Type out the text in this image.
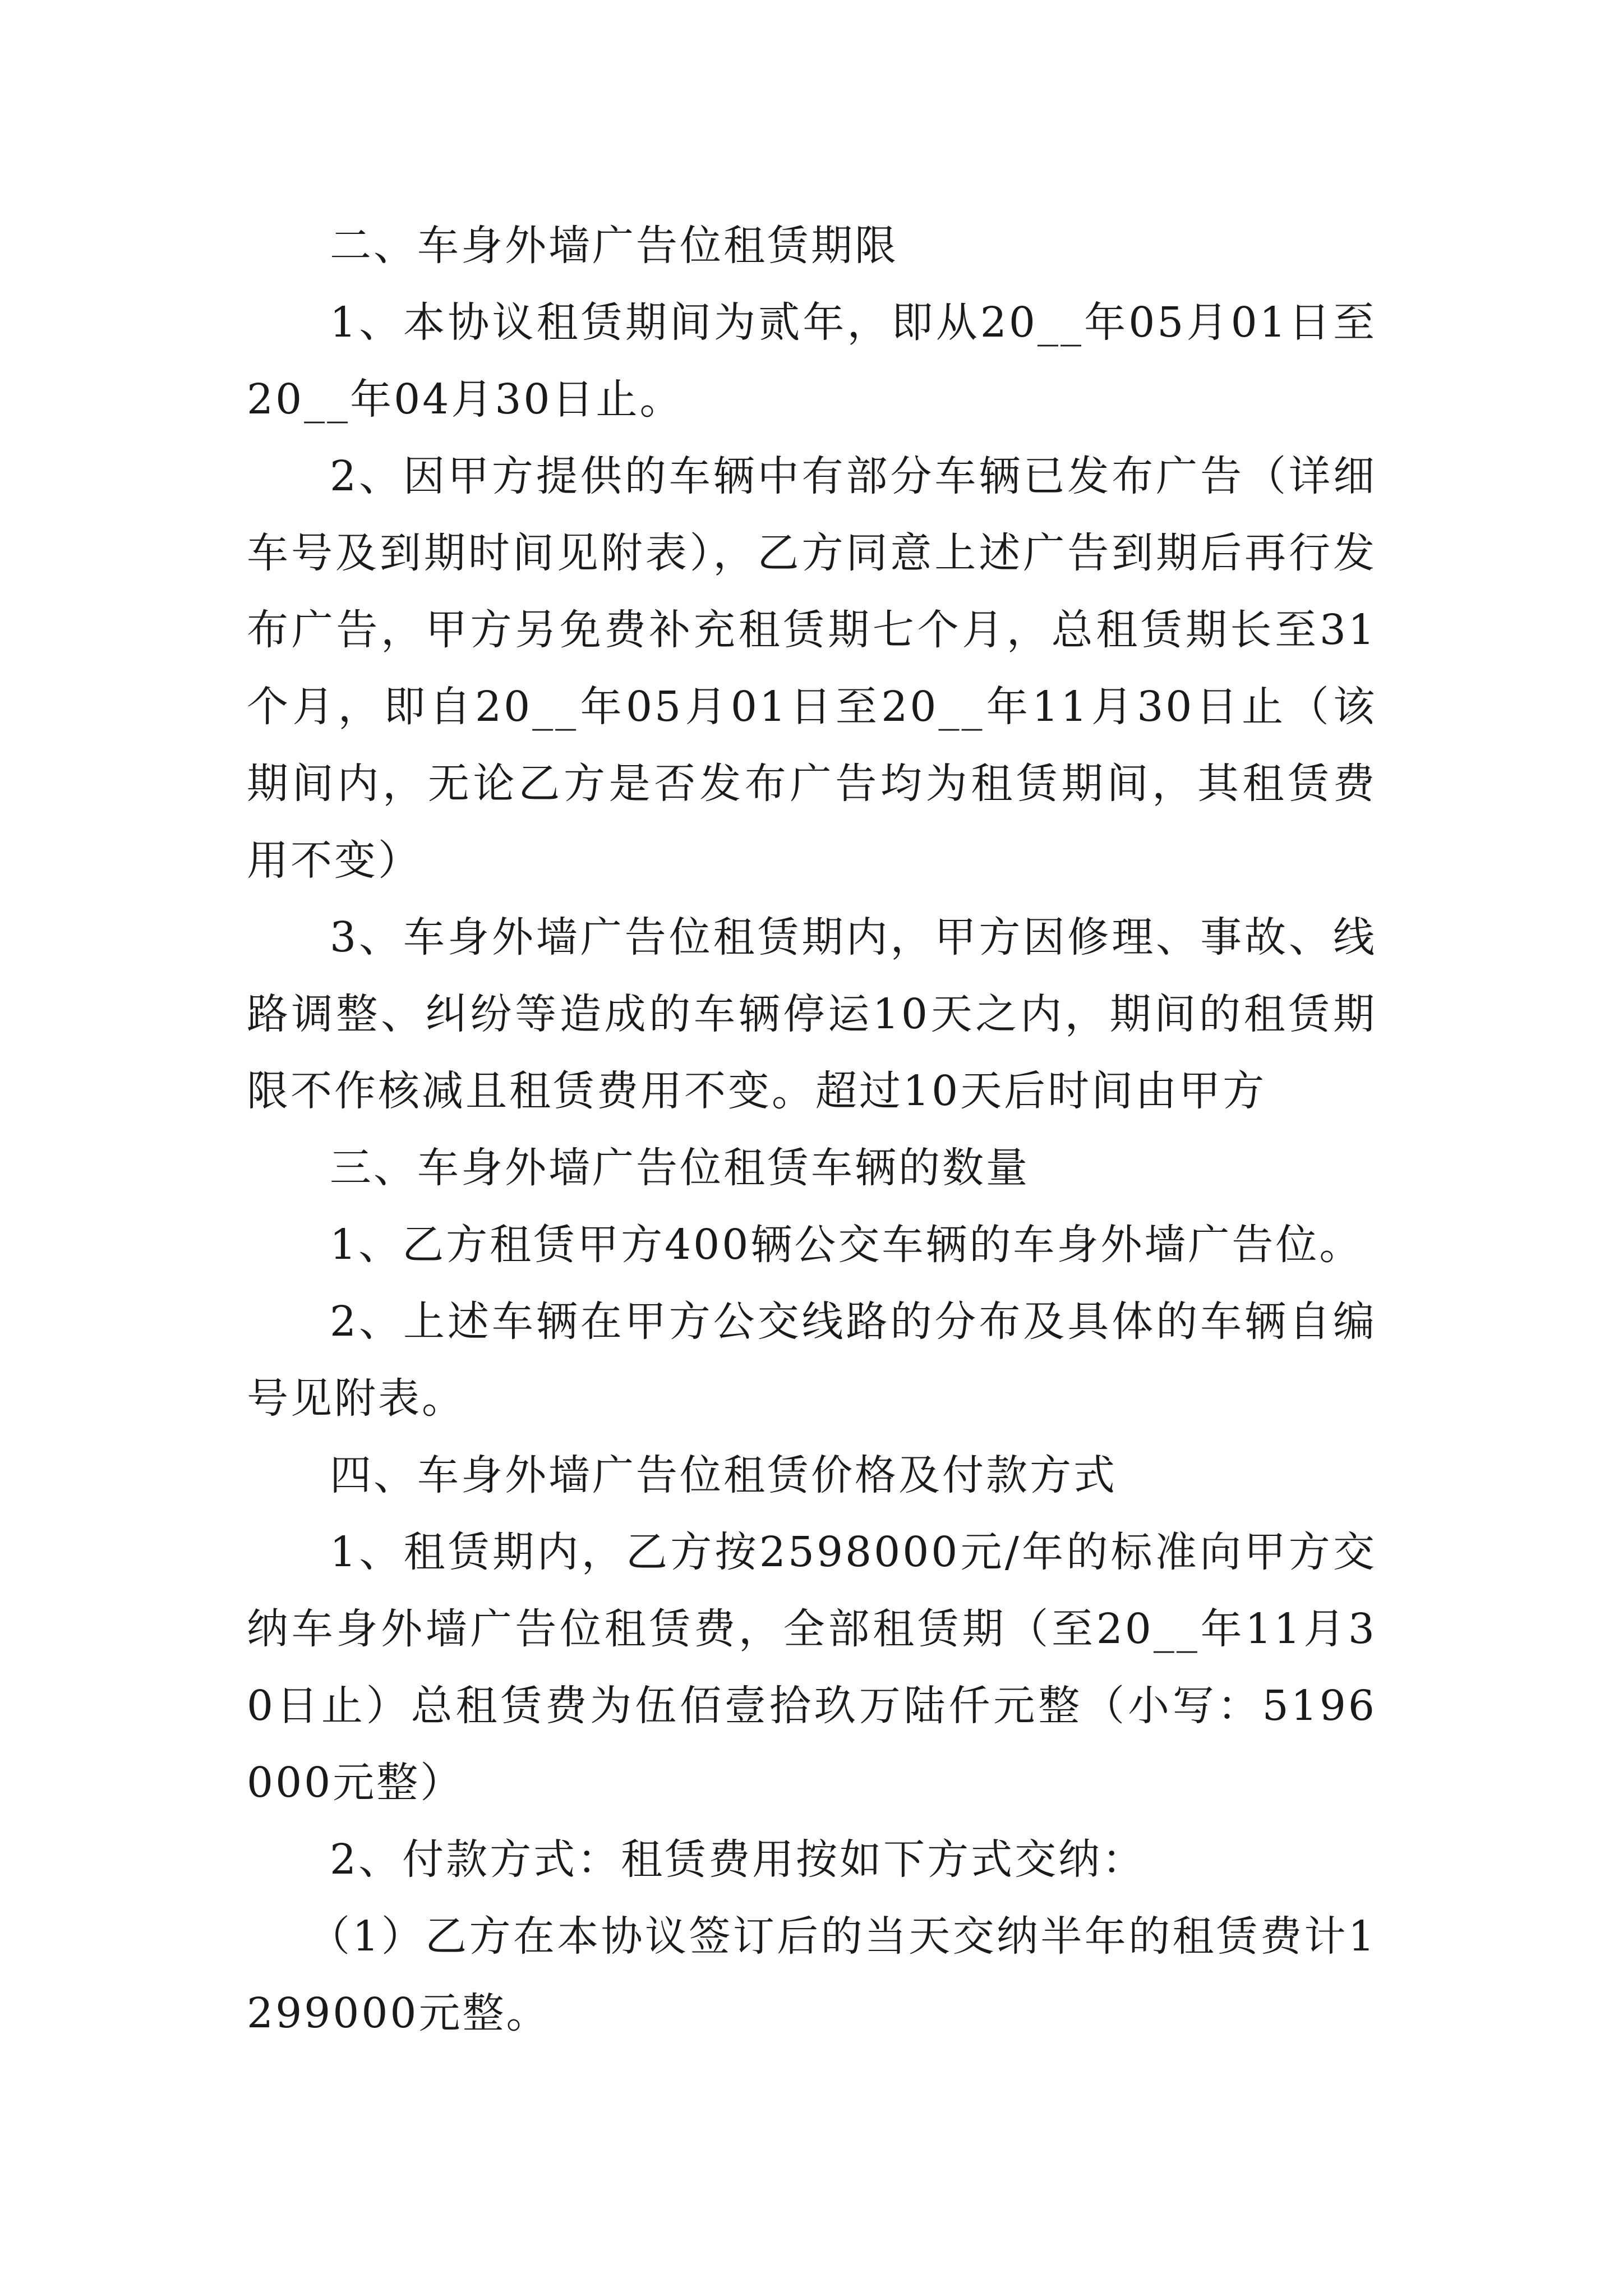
二、车身外墙广告位租赁期限

1、本协议租赁期间为贰年，即从20__年05月01日至20__年04月30日止。

2、因甲方提供的车辆中有部分车辆已发布广告（详细车号及到期时间见附表），乙方同意上述广告到期后再行发布广告，甲方另免费补充租赁期七个月，总租赁期长至31个月，即自20__年05月01日至20__年11月30日止（该期间内，无论乙方是否发布广告均为租赁期间，其租赁费用不变）

3、车身外墙广告位租赁期内，甲方因修理、事故、线路调整、纠纷等造成的车辆停运10天之内，期间的租赁期限不作核减且租赁费用不变。超过10天后时间由甲方

三、车身外墙广告位租赁车辆的数量

1、乙方租赁甲方400辆公交车辆的车身外墙广告位。

2、上述车辆在甲方公交线路的分布及具体的车辆自编号见附表。

四、车身外墙广告位租赁价格及付款方式

1、租赁期内，乙方按2598000元/年的标准向甲方交纳车身外墙广告位租赁费，全部租赁期（至20__年11月30日止）总租赁费为伍佰壹拾玖万陆仟元整（小写：5196000元整）

2、付款方式：租赁费用按如下方式交纳：

（1）乙方在本协议签订后的当天交纳半年的租赁费计1299000元整。
